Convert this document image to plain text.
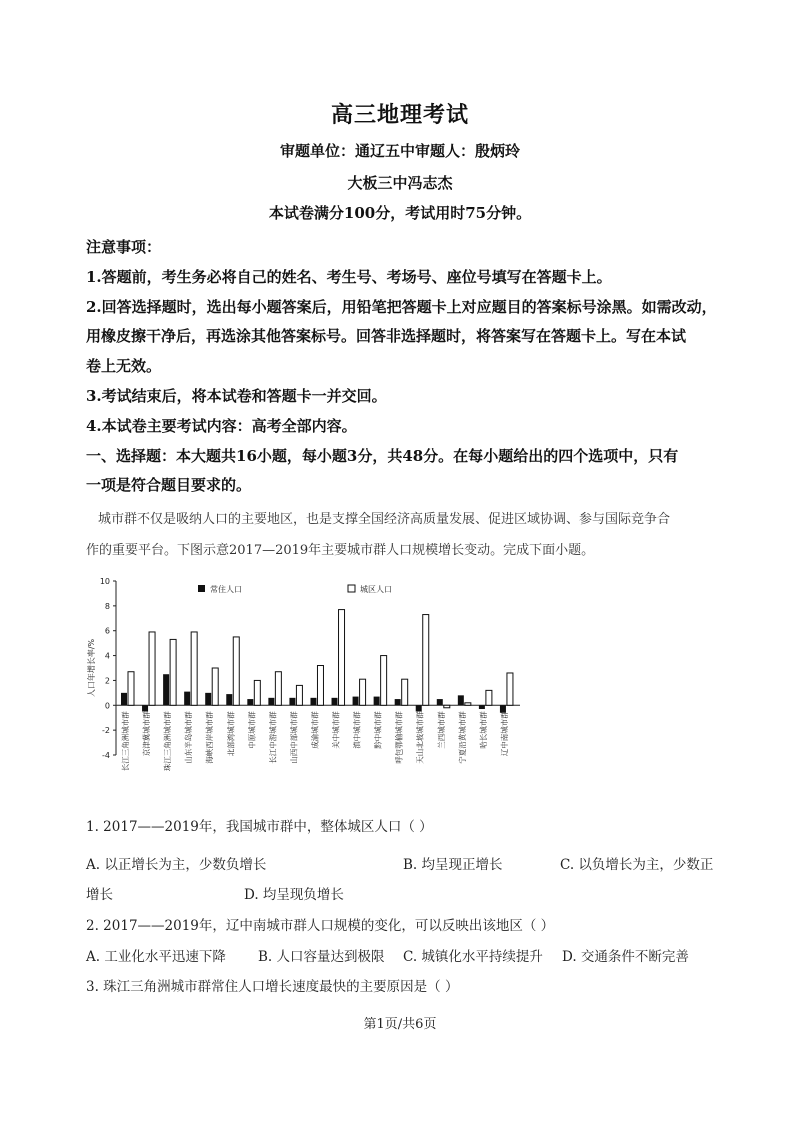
高三地理考试
审题单位：通辽五中审题人：殷炳玲
大板三中冯志杰
本试卷满分100分，考试用时75分钟。
注意事项：
1.答题前，考生务必将自己的姓名、考生号、考场号、座位号填写在答题卡上。
2.回答选择题时，选出每小题答案后，用铅笔把答题卡上对应题目的答案标号涂黑。如需改动，
用橡皮擦干净后，再选涂其他答案标号。回答非选择题时，将答案写在答题卡上。写在本试
卷上无效。
3.考试结束后，将本试卷和答题卡一并交回。
4.本试卷主要考试内容：高考全部内容。
一、选择题：本大题共16小题，每小题3分，共48分。在每小题给出的四个选项中，只有
一项是符合题目要求的。
城市群不仅是吸纳人口的主要地区，也是支撑全国经济高质量发展、促进区域协调、参与国际竞争合
作的重要平台。下图示意2017—2019年主要城市群人口规模增长变动。完成下面小题。
10
8
6
4
2
0
-2
-4
人口年增长率/%
常住人口	城区人口
长江三角洲城市群 京津冀城市群 珠江三角洲城市群 山东半岛城市群 海峡西岸城市群 北部湾城市群 中原城市群 长江中游城市群 山西中部城市群 成渝城市群 关中城市群 滇中城市群 黔中城市群 呼包鄂榆城市群 天山北坡城市群 兰西城市群 宁夏沿黄城市群 哈长城市群 辽中南城市群
1. 2017——2019年，我国城市群中，整体城区人口（ ）
A. 以正增长为主，少数负增长	B. 均呈现正增长	C. 以负增长为主，少数正
增长	D. 均呈现负增长
2. 2017——2019年，辽中南城市群人口规模的变化，可以反映出该地区（ ）
A. 工业化水平迅速下降 B. 人口容量达到极限 C. 城镇化水平持续提升 D. 交通条件不断完善
3. 珠江三角洲城市群常住人口增长速度最快的主要原因是（ ）
第1页/共6页
